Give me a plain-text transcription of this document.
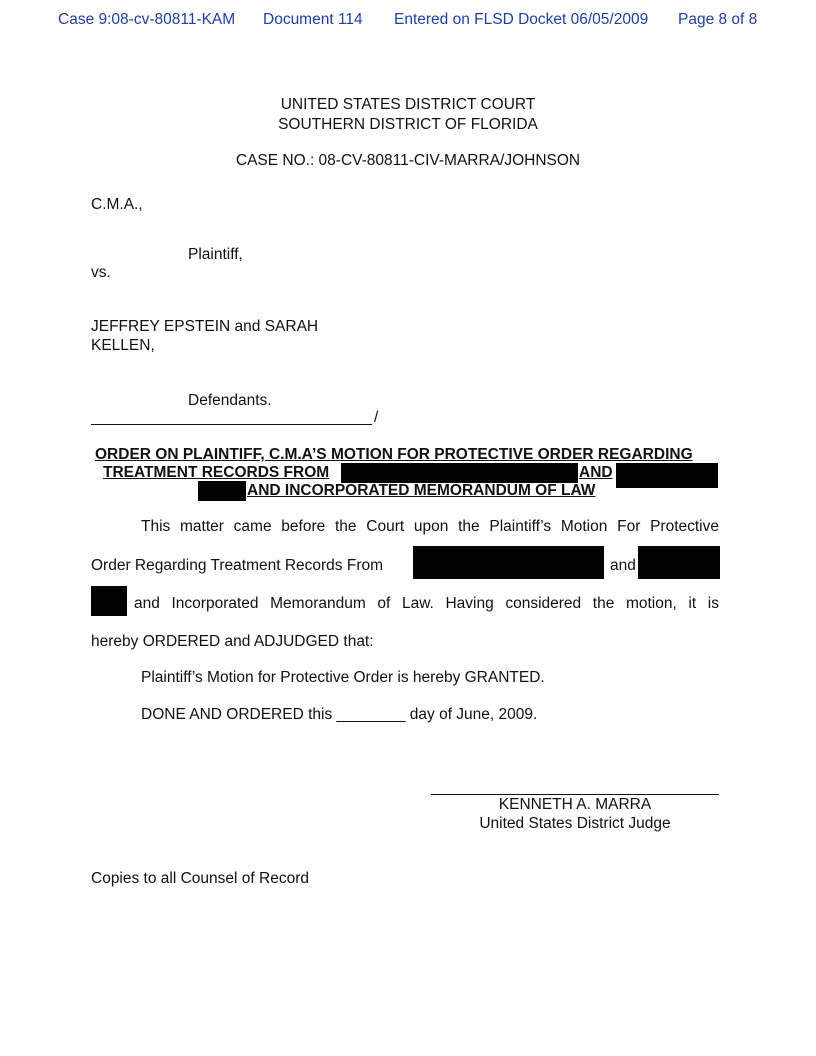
Case 9:08-cv-80811-KAM Document 114 Entered on FLSD Docket 06/05/2009 Page 8 of 8
UNITED STATES DISTRICT COURT
SOUTHERN DISTRICT OF FLORIDA
CASE NO.: 08-CV-80811-CIV-MARRA/JOHNSON
C.M.A.,
Plaintiff,
vs.
JEFFREY EPSTEIN and SARAH
KELLEN,
Defendants.
/
ORDER ON PLAINTIFF, C.M.A’S MOTION FOR PROTECTIVE ORDER REGARDING
TREATMENT RECORDS FROM	AND
AND INCORPORATED MEMORANDUM OF LAW
This matter came before the Court upon the Plaintiff’s Motion For Protective
Order Regarding Treatment Records From	and
and Incorporated Memorandum of Law. Having considered the motion, it is
hereby ORDERED and ADJUDGED that:
Plaintiff’s Motion for Protective Order is hereby GRANTED.
DONE AND ORDERED this ________ day of June, 2009.
KENNETH A. MARRA
United States District Judge
Copies to all Counsel of Record
